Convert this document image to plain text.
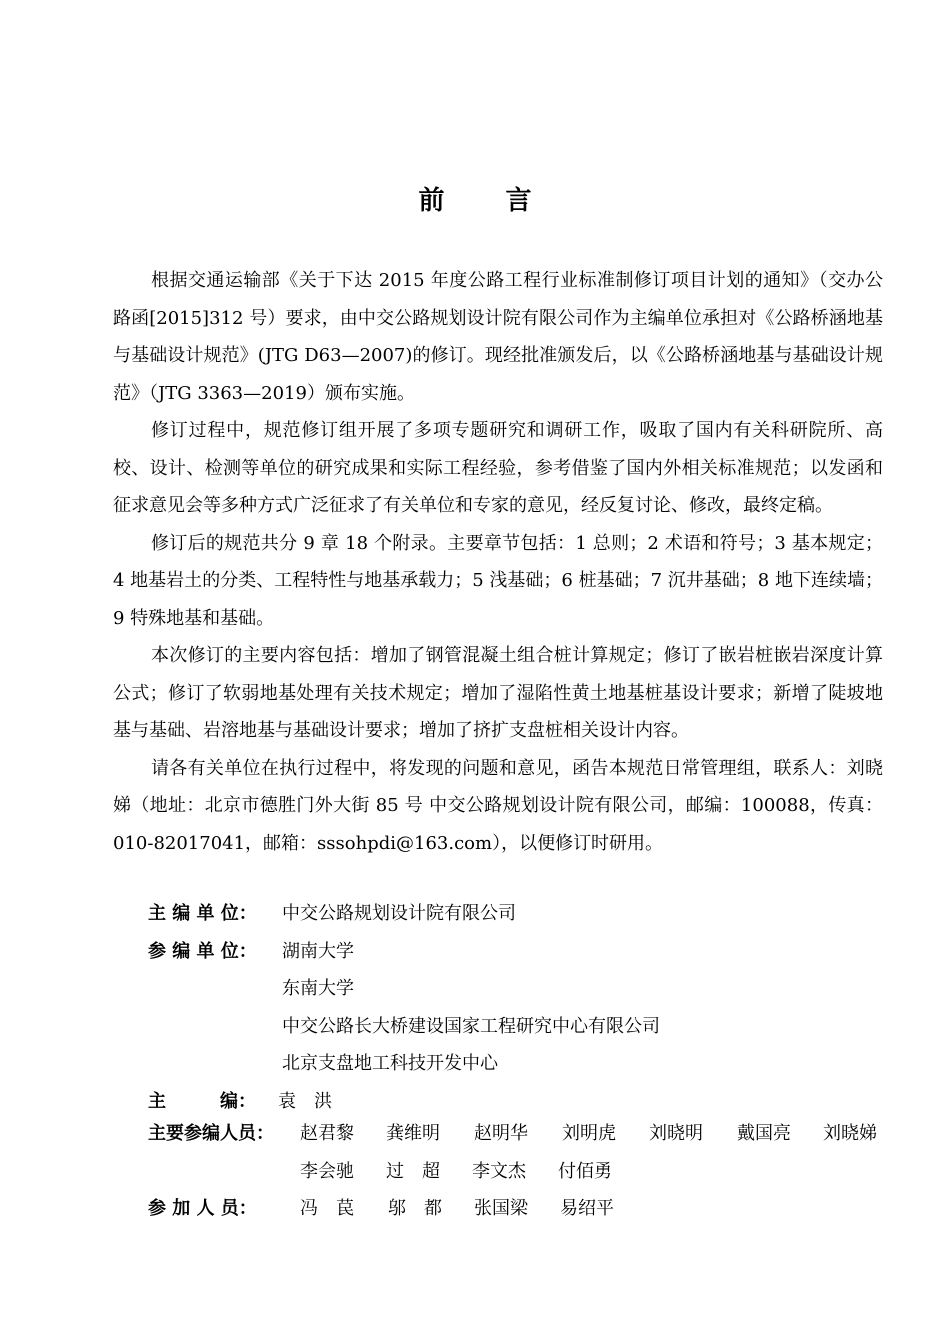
前 言

根据交通运输部《关于下达 2015 年度公路工程行业标准制修订项目计划的通知》（交办公路函[2015]312 号）要求，由中交公路规划设计院有限公司作为主编单位承担对《公路桥涵地基与基础设计规范》(JTG D63—2007)的修订。现经批准颁发后，以《公路桥涵地基与基础设计规范》（JTG 3363—2019）颁布实施。

修订过程中，规范修订组开展了多项专题研究和调研工作，吸取了国内有关科研院所、高校、设计、检测等单位的研究成果和实际工程经验，参考借鉴了国内外相关标准规范；以发函和征求意见会等多种方式广泛征求了有关单位和专家的意见，经反复讨论、修改，最终定稿。

修订后的规范共分 9 章 18 个附录。主要章节包括：1 总则；2 术语和符号；3 基本规定；4 地基岩土的分类、工程特性与地基承载力；5 浅基础；6 桩基础；7 沉井基础；8 地下连续墙；9 特殊地基和基础。

本次修订的主要内容包括：增加了钢管混凝土组合桩计算规定；修订了嵌岩桩嵌岩深度计算公式；修订了软弱地基处理有关技术规定；增加了湿陷性黄土地基桩基设计要求；新增了陡坡地基与基础、岩溶地基与基础设计要求；增加了挤扩支盘桩相关设计内容。

请各有关单位在执行过程中，将发现的问题和意见，函告本规范日常管理组，联系人：刘晓娣（地址：北京市德胜门外大街 85 号 中交公路规划设计院有限公司，邮编：100088，传真：010-82017041，邮箱：sssohpdi@163.com），以便修订时研用。

主 编 单 位：	中交公路规划设计院有限公司
参 编 单 位：	湖南大学
东南大学
中交公路长大桥建设国家工程研究中心有限公司
北京支盘地工科技开发中心
主　　　编：	袁　洪
主要参编人员：	赵君黎	龚维明	赵明华	刘明虎	刘晓明	戴国亮	刘晓娣
李会驰	过　超	李文杰	付佰勇
参 加 人 员：	冯　苠	邬　都	张国梁	易绍平
